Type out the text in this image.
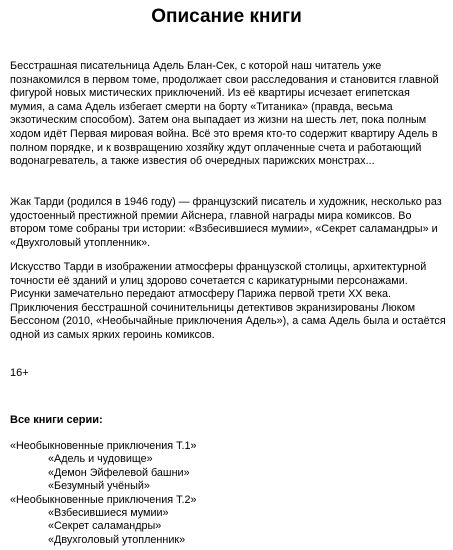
Описание книги

Бесстрашная писательница Адель Блан-Сек, с которой наш читатель уже познакомился в первом томе, продолжает свои расследования и становится главной фигурой новых мистических приключений. Из её квартиры исчезает египетская мумия, а сама Адель избегает смерти на борту «Титаника» (правда, весьма экзотическим способом). Затем она выпадает из жизни на шесть лет, пока полным ходом идёт Первая мировая война. Всё это время кто-то содержит квартиру Адель в полном порядке, и к возвращению хозяйку ждут оплаченные счета и работающий водонагреватель, а также известия об очередных парижских монстрах...

Жак Тарди (родился в 1946 году) — французский писатель и художник, несколько раз удостоенный престижной премии Айснера, главной награды мира комиксов. Во втором томе собраны три истории: «Взбесившиеся мумии», «Секрет саламандры» и «Двухголовый утопленник».

Искусство Тарди в изображении атмосферы французской столицы, архитектурной точности её зданий и улиц здорово сочетается с карикатурными персонажами. Рисунки замечательно передают атмосферу Парижа первой трети XX века. Приключения бесстрашной сочинительницы детективов экранизированы Люком Бессоном (2010, «Необычайные приключения Адель»), а сама Адель была и остаётся одной из самых ярких героинь комиксов.

16+
Все книги серии:
«Необыкновенные приключения Т.1»
«Адель и чудовище»
«Демон Эйфелевой башни»
«Безумный учёный»
«Необыкновенные приключения Т.2»
«Взбесившиеся мумии»
«Секрет саламандры»
«Двухголовый утопленник»
